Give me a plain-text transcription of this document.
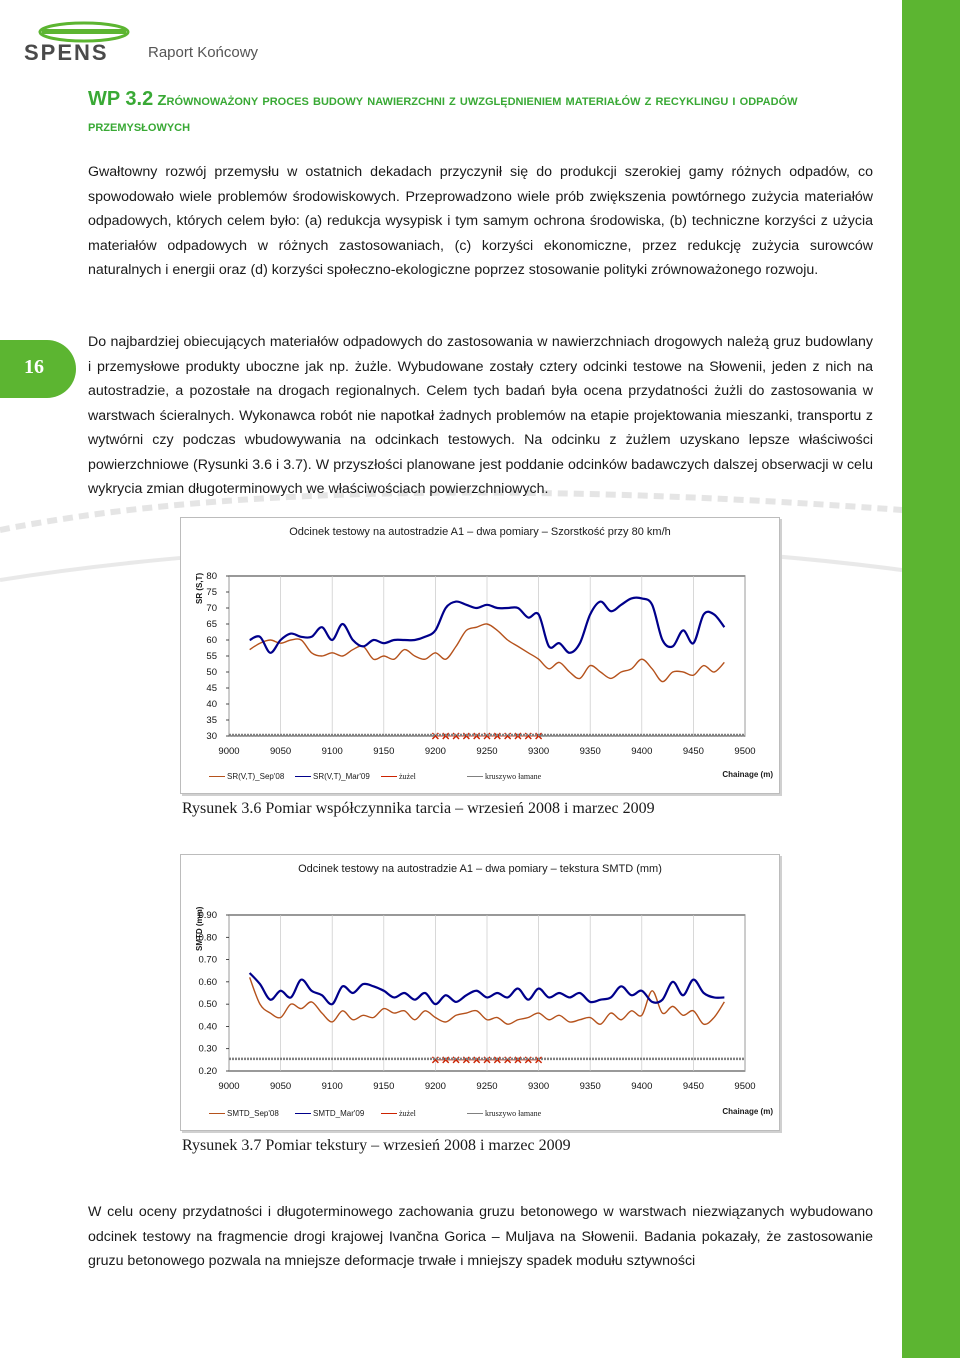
SPENS	Raport Końcowy
WP 3.2 Zrównoważony proces budowy nawierzchni z uwzględnieniem materiałów z recyklingu i odpadów przemysłowych
Gwałtowny rozwój przemysłu w ostatnich dekadach przyczynił się do produkcji szerokiej gamy różnych odpadów, co spowodowało wiele problemów środowiskowych. Przeprowadzono wiele prób zwiększenia powtórnego zużycia materiałów odpadowych, których celem było: (a) redukcja wysypisk i tym samym ochrona środowiska, (b) techniczne korzyści z użycia materiałów odpadowych w różnych zastosowaniach, (c) korzyści ekonomiczne, przez redukcję zużycia surowców naturalnych i energii oraz (d) korzyści społeczno-ekologiczne poprzez stosowanie polityki zrównoważonego rozwoju.
16
Do najbardziej obiecujących materiałów odpadowych do zastosowania w nawierzchniach drogowych należą gruz budowlany i przemysłowe produkty uboczne jak np. żużle. Wybudowane zostały cztery odcinki testowe na Słowenii, jeden z nich na autostradzie, a pozostałe na drogach regionalnych. Celem tych badań była ocena przydatności żużli do zastosowania w warstwach ścieralnych. Wykonawca robót nie napotkał żadnych problemów na etapie projektowania mieszanki, transportu z wytwórni czy podczas wbudowywania na odcinkach testowych. Na odcinku z żużlem uzyskano lepsze właściwości powierzchniowe (Rysunki 3.6 i 3.7). W przyszłości planowane jest poddanie odcinków badawczych dalszej obserwacji w celu wykrycia zmian długoterminowych we właściwościach powierzchniowych.
Odcinek testowy na autostradzie A1 – dwa pomiary – Szorstkość przy 80 km/h
SR (S,T)
9000	9050	9100	9150	9200	9250	9300	9350	9400	9450	9500
80
75
70
65
60
55
50
45
40
35
30
SR(V,T)_Sep'08	SR(V,T)_Mar'09	żużel	kruszywo łamane	Chainage (m)
Rysunek 3.6 Pomiar współczynnika tarcia – wrzesień 2008 i marzec 2009
Odcinek testowy na autostradzie A1 – dwa pomiary – tekstura SMTD (mm)
SMTD (mm)
9000	9050	9100	9150	9200	9250	9300	9350	9400	9450	9500
0.90
0.80
0.70
0.60
0.50
0.40
0.30
0.20
SMTD_Sep'08	SMTD_Mar'09	żużel	kruszywo łamane	Chainage (m)
Rysunek 3.7 Pomiar tekstury – wrzesień 2008 i marzec 2009
W celu oceny przydatności i długoterminowego zachowania gruzu betonowego w warstwach niezwiązanych wybudowano odcinek testowy na fragmencie drogi krajowej Ivančna Gorica – Muljava na Słowenii. Badania pokazały, że zastosowanie gruzu betonowego pozwala na mniejsze deformacje trwałe i mniejszy spadek modułu sztywności
